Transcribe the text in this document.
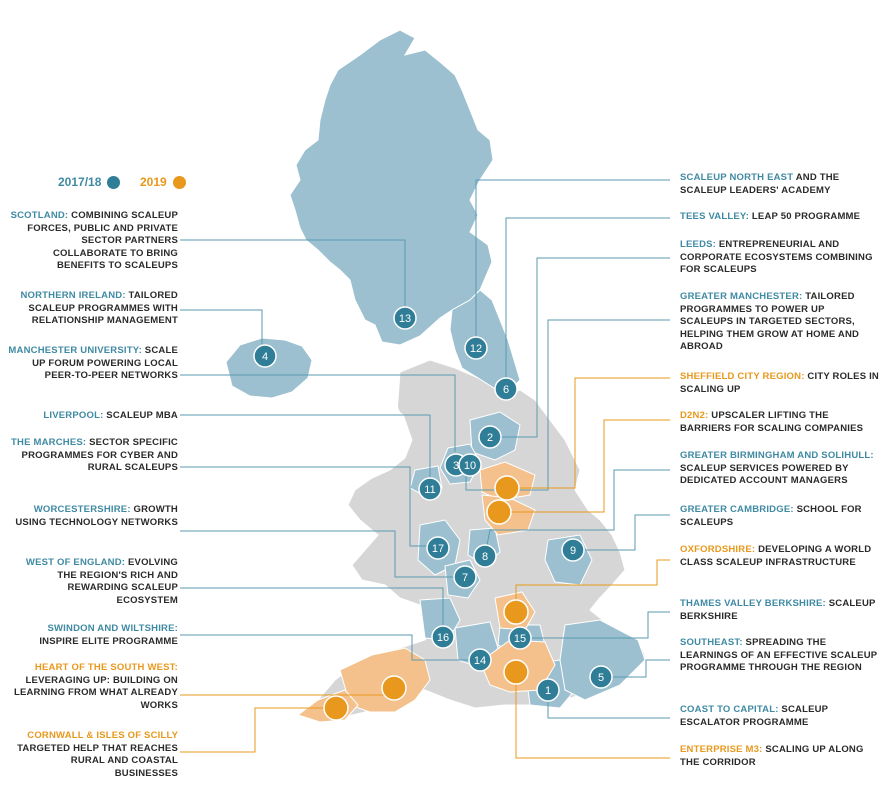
13
12
4
6
2
3 10
11
17
8	9
7
16	15
14
5
1
2017/18	2019
SCOTLAND: COMBINING SCALEUP FORCES, PUBLIC AND PRIVATE SECTOR PARTNERS COLLABORATE TO BRING BENEFITS TO SCALEUPS
NORTHERN IRELAND: TAILORED SCALEUP PROGRAMMES WITH RELATIONSHIP MANAGEMENT
MANCHESTER UNIVERSITY: SCALE UP FORUM POWERING LOCAL PEER-TO-PEER NETWORKS
LIVERPOOL: SCALEUP MBA
THE MARCHES: SECTOR SPECIFIC PROGRAMMES FOR CYBER AND RURAL SCALEUPS
WORCESTERSHIRE: GROWTH USING TECHNOLOGY NETWORKS
WEST OF ENGLAND: EVOLVING THE REGION'S RICH AND REWARDING SCALEUP ECOSYSTEM
SWINDON AND WILTSHIRE: INSPIRE ELITE PROGRAMME
HEART OF THE SOUTH WEST: LEVERAGING UP: BUILDING ON LEARNING FROM WHAT ALREADY WORKS
CORNWALL & ISLES OF SCILLY TARGETED HELP THAT REACHES RURAL AND COASTAL BUSINESSES
SCALEUP NORTH EAST AND THE SCALEUP LEADERS' ACADEMY
TEES VALLEY: LEAP 50 PROGRAMME
LEEDS: ENTREPRENEURIAL AND CORPORATE ECOSYSTEMS COMBINING FOR SCALEUPS
GREATER MANCHESTER: TAILORED PROGRAMMES TO POWER UP SCALEUPS IN TARGETED SECTORS, HELPING THEM GROW AT HOME AND ABROAD
SHEFFIELD CITY REGION: CITY ROLES IN SCALING UP
D2N2: UPSCALER LIFTING THE BARRIERS FOR SCALING COMPANIES
GREATER BIRMINGHAM AND SOLIHULL: SCALEUP SERVICES POWERED BY DEDICATED ACCOUNT MANAGERS
GREATER CAMBRIDGE: SCHOOL FOR SCALEUPS
OXFORDSHIRE: DEVELOPING A WORLD CLASS SCALEUP INFRASTRUCTURE
THAMES VALLEY BERKSHIRE: SCALEUP BERKSHIRE
SOUTHEAST: SPREADING THE LEARNINGS OF AN EFFECTIVE SCALEUP PROGRAMME THROUGH THE REGION
COAST TO CAPITAL: SCALEUP ESCALATOR PROGRAMME
ENTERPRISE M3: SCALING UP ALONG THE CORRIDOR
